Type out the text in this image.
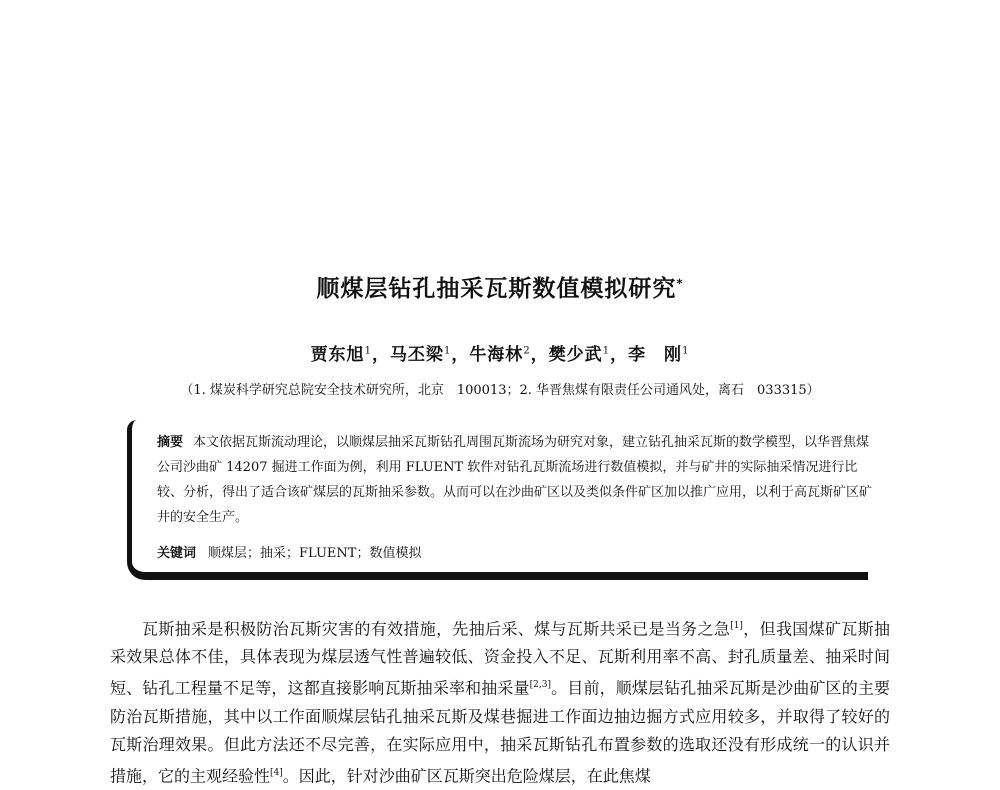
顺煤层钻孔抽采瓦斯数值模拟研究*
贾东旭$^1$，马丕梁$^1$，牛海林$^2$，樊少武$^1$，李　刚$^1$
（1. 煤炭科学研究总院安全技术研究所，北京　100013；2. 华晋焦煤有限责任公司通风处，离石　033315）
摘要 本文依据瓦斯流动理论，以顺煤层抽采瓦斯钻孔周围瓦斯流场为研究对象，建立钻孔抽采瓦斯的数学模型，以华晋焦煤公司沙曲矿 14207 掘进工作面为例，利用 FLUENT 软件对钻孔瓦斯流场进行数值模拟，并与矿井的实际抽采情况进行比较、分析，得出了适合该矿煤层的瓦斯抽采参数。从而可以在沙曲矿区以及类似条件矿区加以推广应用，以利于高瓦斯矿区矿井的安全生产。
关键词 顺煤层；抽采；FLUENT；数值模拟
瓦斯抽采是积极防治瓦斯灾害的有效措施，先抽后采、煤与瓦斯共采已是当务之急[1]，但我国煤矿瓦斯抽采效果总体不佳，具体表现为煤层透气性普遍较低、资金投入不足、瓦斯利用率不高、封孔质量差、抽采时间短、钻孔工程量不足等，这都直接影响瓦斯抽采率和抽采量[2,3]。目前，顺煤层钻孔抽采瓦斯是沙曲矿区的主要防治瓦斯措施，其中以工作面顺煤层钻孔抽采瓦斯及煤巷掘进工作面边抽边掘方式应用较多，并取得了较好的瓦斯治理效果。但此方法还不尽完善，在实际应用中，抽采瓦斯钻孔布置参数的选取还没有形成统一的认识并措施，它的主观经验性[4]。因此，针对沙曲矿区瓦斯突出危险煤层，在此焦煤
